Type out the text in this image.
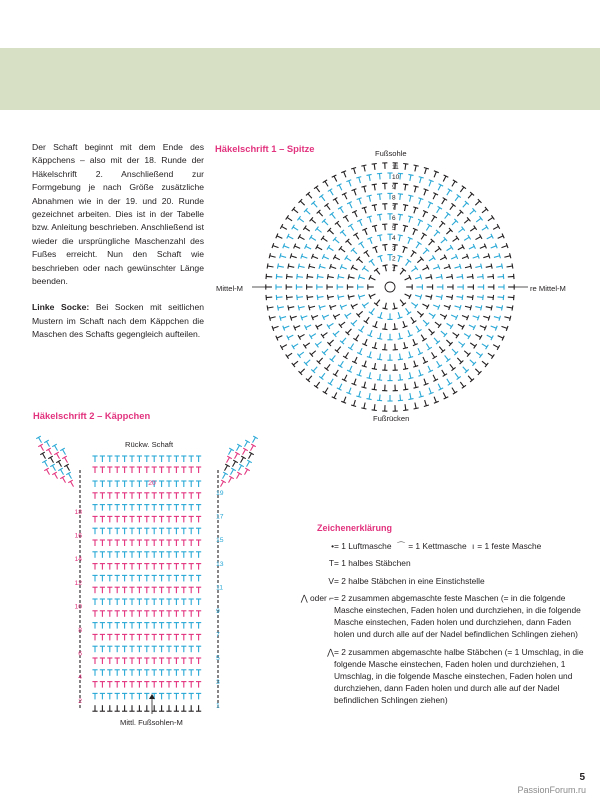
Der Schaft beginnt mit dem Ende des Käppchens – also mit der 18. Runde der Häkelschrift 2. Anschließend zur Formgebung je nach Größe zusätzliche Abnahmen wie in der 19. und 20. Runde gezeichnet arbeiten. Dies ist in der Tabelle bzw. Anleitung beschrieben. Anschließend ist wieder die ursprüngliche Maschenzahl des Fußes erreicht. Nun den Schaft wie beschrieben oder nach gewünschter Länge beenden.

Linke Socke: Bei Socken mit seitlichen Mustern im Schaft nach dem Käppchen die Maschen des Schafts gegengleich aufteilen.

Häkelschrift 1 – Spitze	Fußsohle
Fußrücken
Mittel-M	re Mittel-M
11
10
9
8
7
6
5
4
3
2
1
Häkelschrift 2 – Käppchen
Rückw. Schaft
Mittl. Fußsohlen-M
18
16
14
12
10
8
6
4
2
19
17
15
13
11
9
7
5
3
1
20
Zeichenerklärung
• = 1 Luftmasche ⌒ = 1 Kettmasche ı = 1 feste Masche
T = 1 halbes Stäbchen
V = 2 halbe Stäbchen in eine Einstichstelle
⋀ oder ⌐ = 2 zusammen abgemaschte feste Maschen (= in die folgende Masche einstechen, Faden holen und durchziehen, in die folgende Masche einstechen, Faden holen und durchziehen, dann Faden holen und durch alle auf der Nadel befindlichen Schlingen ziehen)
⋀ = 2 zusammen abgemaschte halbe Stäbchen (= 1 Umschlag, in die folgende Masche einstechen, Faden holen und durchziehen, 1 Umschlag, in die folgende Masche einstechen, Faden holen und durchziehen, dann Faden holen und durch alle auf der Nadel befindlichen Schlingen ziehen)
5
PassionForum.ru
